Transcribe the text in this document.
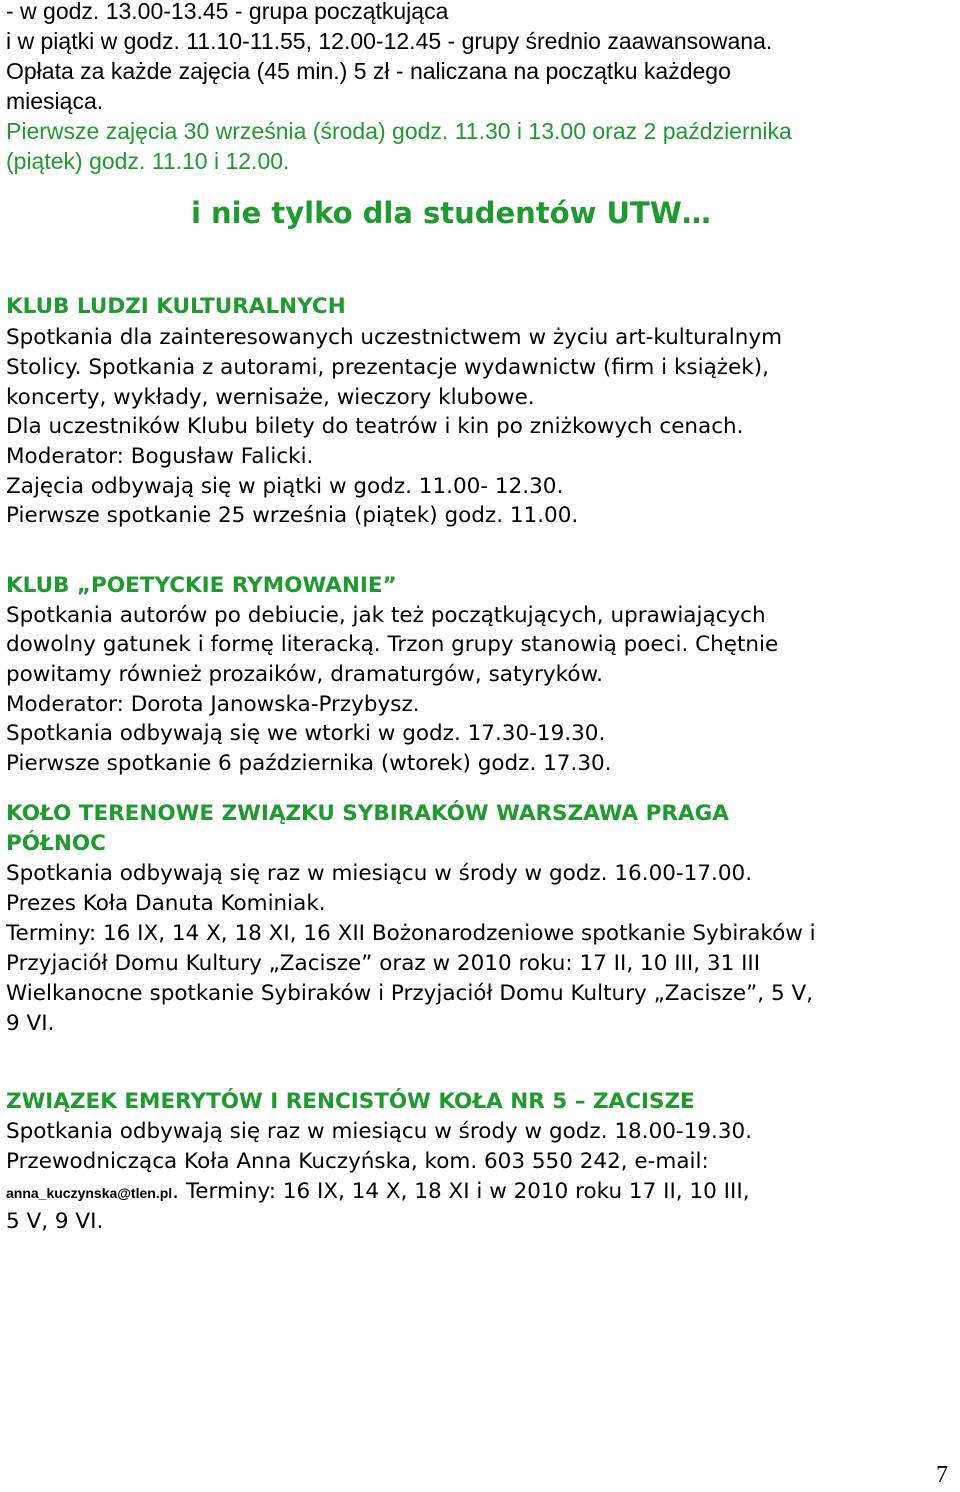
- w godz. 13.00-13.45 - grupa początkująca
i w piątki w godz. 11.10-11.55, 12.00-12.45 - grupy średnio zaawansowana.
Opłata za każde zajęcia (45 min.) 5 zł - naliczana na początku każdego
miesiąca.
Pierwsze zajęcia 30 września (środa) godz. 11.30 i 13.00 oraz 2 października
(piątek) godz. 11.10 i 12.00.
i nie tylko dla studentów UTW…
KLUB LUDZI KULTURALNYCH
Spotkania dla zainteresowanych uczestnictwem w życiu art-kulturalnym
Stolicy. Spotkania z autorami, prezentacje wydawnictw (firm i książek),
koncerty, wykłady, wernisaże, wieczory klubowe.
Dla uczestników Klubu bilety do teatrów i kin po zniżkowych cenach.
Moderator: Bogusław Falicki.
Zajęcia odbywają się w piątki w godz. 11.00- 12.30.
Pierwsze spotkanie 25 września (piątek) godz. 11.00.
KLUB „POETYCKIE RYMOWANIE”
Spotkania autorów po debiucie, jak też początkujących, uprawiających
dowolny gatunek i formę literacką. Trzon grupy stanowią poeci. Chętnie
powitamy również prozaików, dramaturgów, satyryków.
Moderator: Dorota Janowska-Przybysz.
Spotkania odbywają się we wtorki w godz. 17.30-19.30.
Pierwsze spotkanie 6 października (wtorek) godz. 17.30.
KOŁO TERENOWE ZWIĄZKU SYBIRAKÓW WARSZAWA PRAGA
PÓŁNOC
Spotkania odbywają się raz w miesiącu w środy w godz. 16.00-17.00.
Prezes Koła Danuta Kominiak.
Terminy: 16 IX, 14 X, 18 XI, 16 XII Bożonarodzeniowe spotkanie Sybiraków i
Przyjaciół Domu Kultury „Zacisze” oraz w 2010 roku: 17 II, 10 III, 31 III
Wielkanocne spotkanie Sybiraków i Przyjaciół Domu Kultury „Zacisze”, 5 V,
9 VI.
ZWIĄZEK EMERYTÓW I RENCISTÓW KOŁA NR 5 – ZACISZE
Spotkania odbywają się raz w miesiącu w środy w godz. 18.00-19.30.
Przewodnicząca Koła Anna Kuczyńska, kom. 603 550 242, e-mail:
anna_kuczynska@tlen.pl. Terminy: 16 IX, 14 X, 18 XI i w 2010 roku 17 II, 10 III,
5 V, 9 VI.
7
